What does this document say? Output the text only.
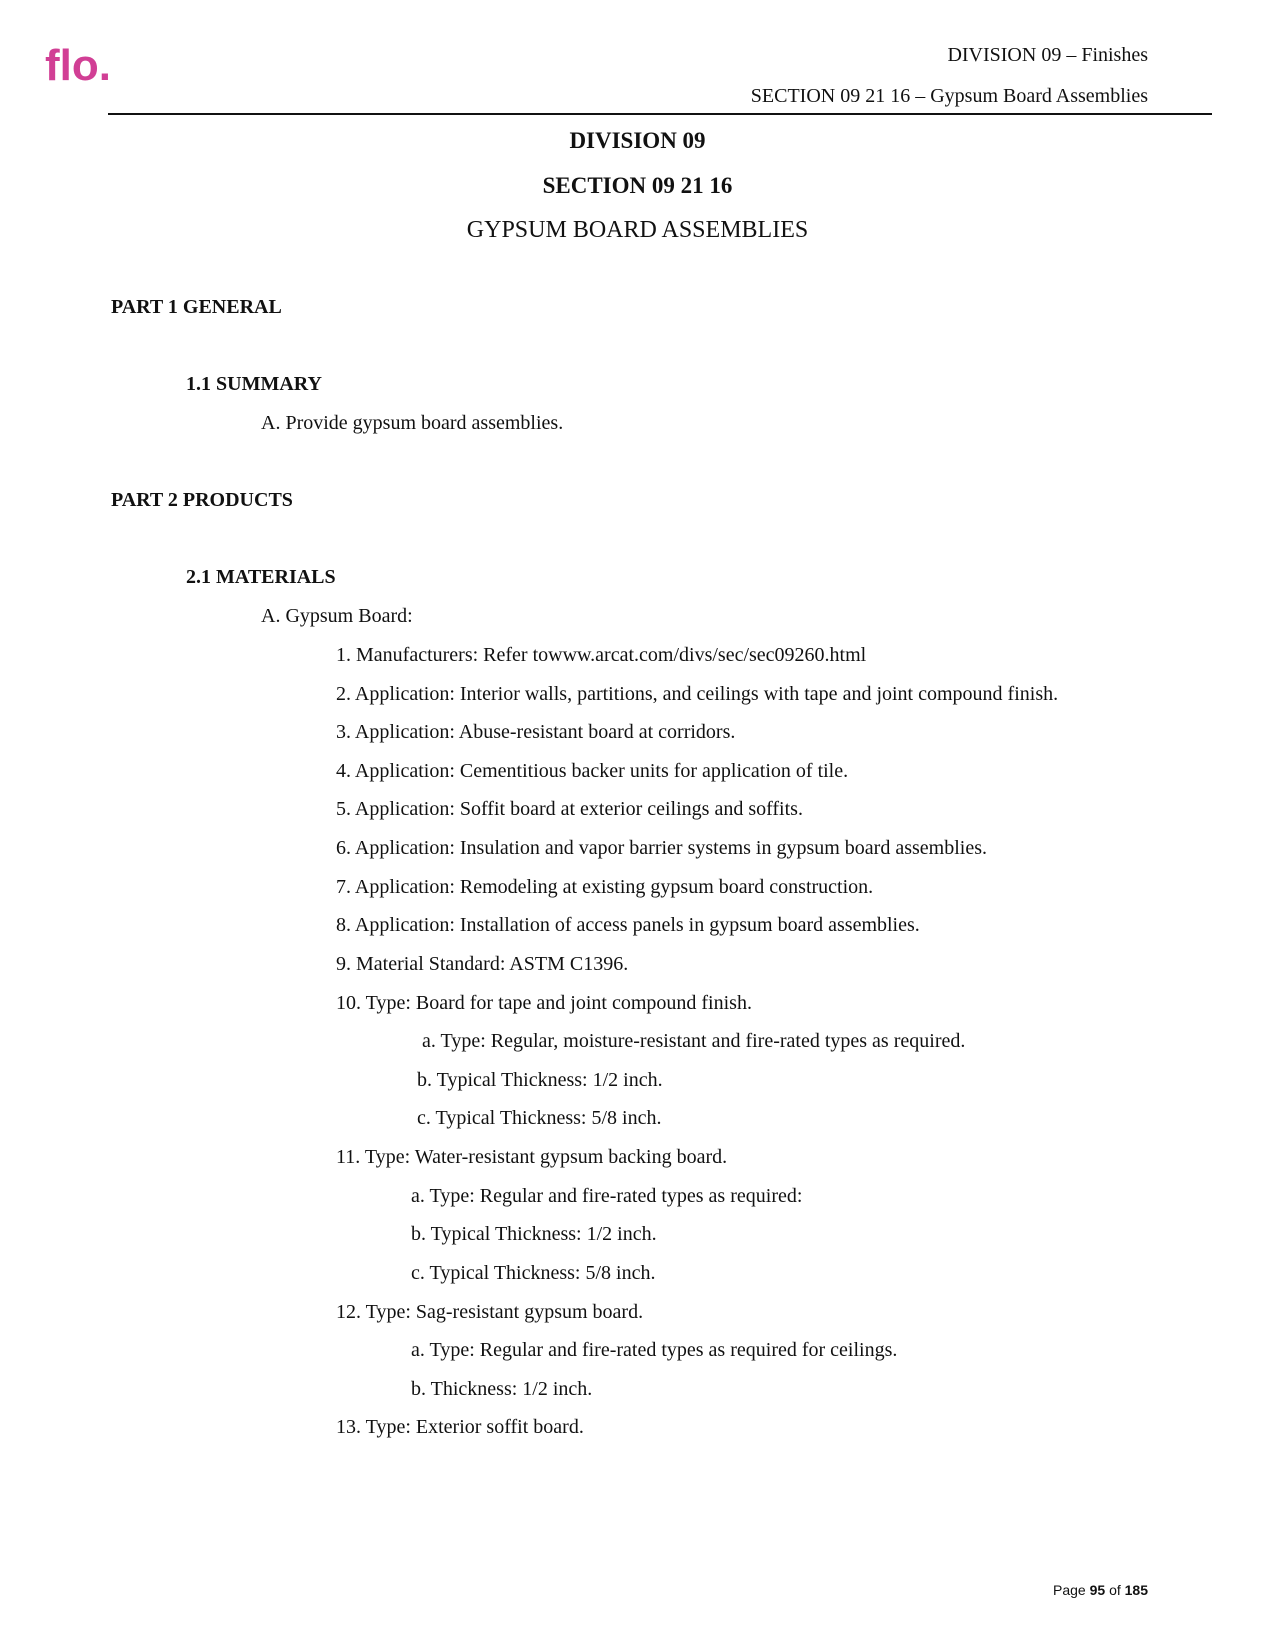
flo.	DIVISION 09 – Finishes
SECTION 09 21 16 – Gypsum Board Assemblies
DIVISION 09
SECTION 09 21 16
GYPSUM BOARD ASSEMBLIES
PART 1 GENERAL
1.1 SUMMARY
A. Provide gypsum board assemblies.
PART 2 PRODUCTS
2.1 MATERIALS
A. Gypsum Board:
1. Manufacturers: Refer towww.arcat.com/divs/sec/sec09260.html
2. Application: Interior walls, partitions, and ceilings with tape and joint compound finish.
3. Application: Abuse-resistant board at corridors.
4. Application: Cementitious backer units for application of tile.
5. Application: Soffit board at exterior ceilings and soffits.
6. Application: Insulation and vapor barrier systems in gypsum board assemblies.
7. Application: Remodeling at existing gypsum board construction.
8. Application: Installation of access panels in gypsum board assemblies.
9. Material Standard: ASTM C1396.
10. Type: Board for tape and joint compound finish.
a. Type: Regular, moisture-resistant and fire-rated types as required.
b. Typical Thickness: 1/2 inch.
c. Typical Thickness: 5/8 inch.
11. Type: Water-resistant gypsum backing board.
a. Type: Regular and fire-rated types as required:
b. Typical Thickness: 1/2 inch.
c. Typical Thickness: 5/8 inch.
12. Type: Sag-resistant gypsum board.
a. Type: Regular and fire-rated types as required for ceilings.
b. Thickness: 1/2 inch.
13. Type: Exterior soffit board.
Page 95 of 185
